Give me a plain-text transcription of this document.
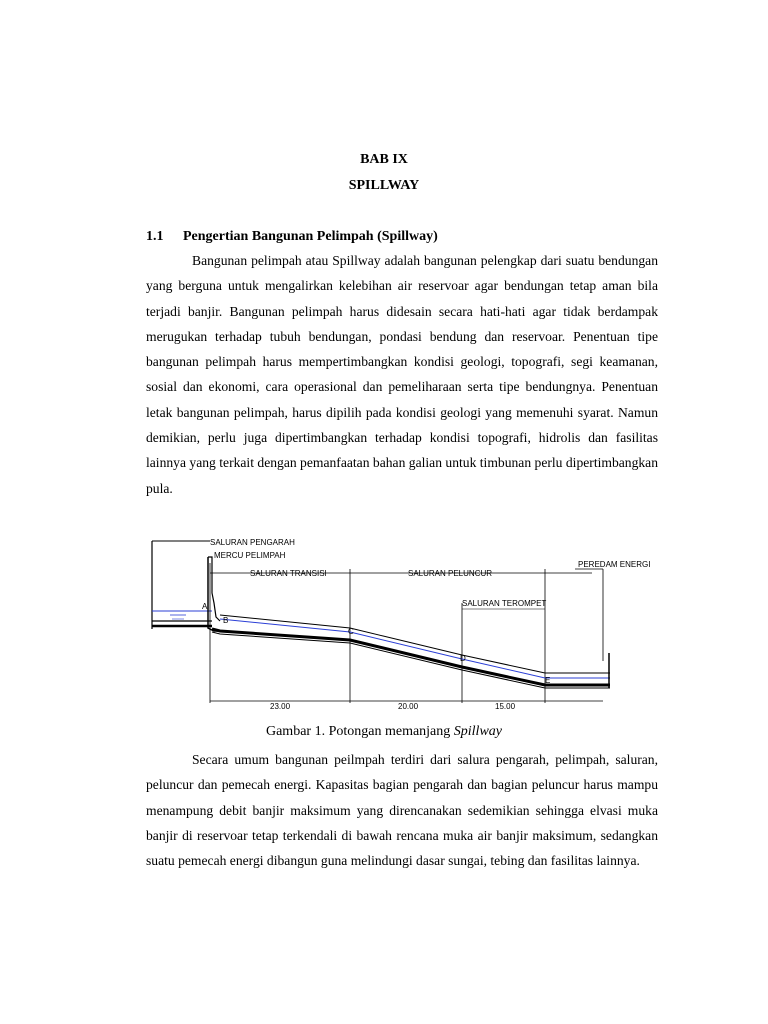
BAB IX
SPILLWAY
1.1 Pengertian Bangunan Pelimpah (Spillway)
Bangunan pelimpah atau Spillway adalah bangunan pelengkap dari suatu bendungan yang berguna untuk mengalirkan kelebihan air reservoar agar bendungan tetap aman bila terjadi banjir. Bangunan pelimpah harus didesain secara hati-hati agar tidak berdampak merugukan terhadap tubuh bendungan, pondasi bendung dan reservoar. Penentuan tipe bangunan pelimpah harus mempertimbangkan kondisi geologi, topografi, segi keamanan, sosial dan ekonomi, cara operasional dan pemeliharaan serta tipe bendungnya. Penentuan letak bangunan pelimpah, harus dipilih pada kondisi geologi yang memenuhi syarat. Namun demikian, perlu juga dipertimbangkan terhadap kondisi topografi, hidrolis dan fasilitas lainnya yang terkait dengan pemanfaatan bahan galian untuk timbunan perlu dipertimbangkan pula.
SALURAN PENGARAH
MERCU PELIMPAH
SALURAN TRANSISI	SALURAN PELUNCUR
PEREDAM ENERGI
SALURAN TEROMPET
A
B
C
D
E
23.00	20.00	15.00
Gambar 1. Potongan memanjang Spillway
Secara umum bangunan peilmpah terdiri dari salura pengarah, pelimpah, saluran, peluncur dan pemecah energi. Kapasitas bagian pengarah dan bagian peluncur harus mampu menampung debit banjir maksimum yang direncanakan sedemikian sehingga elvasi muka banjir di reservoar tetap terkendali di bawah rencana muka air banjir maksimum, sedangkan suatu pemecah energi dibangun guna melindungi dasar sungai, tebing dan fasilitas lainnya.
